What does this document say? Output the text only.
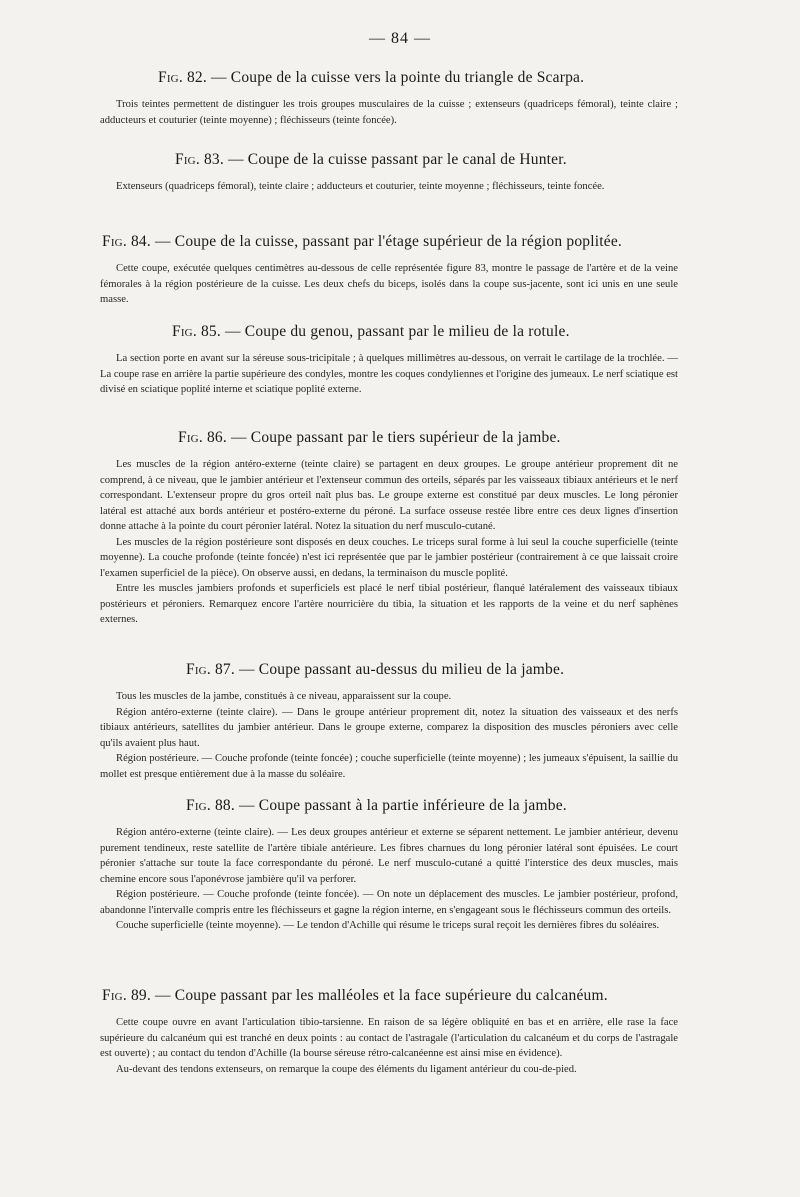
— 84 —
Fig. 82. — Coupe de la cuisse vers la pointe du triangle de Scarpa.

Trois teintes permettent de distinguer les trois groupes musculaires de la cuisse ; extenseurs (quadriceps fémoral), teinte claire ; adducteurs et couturier (teinte moyenne) ; fléchisseurs (teinte foncée).

Fig. 83. — Coupe de la cuisse passant par le canal de Hunter.

Extenseurs (quadriceps fémoral), teinte claire ; adducteurs et couturier, teinte moyenne ; fléchisseurs, teinte foncée.

Fig. 84. — Coupe de la cuisse, passant par l'étage supérieur de la région poplitée.

Cette coupe, exécutée quelques centimètres au-dessous de celle représentée figure 83, montre le passage de l'artère et de la veine fémorales à la région postérieure de la cuisse. Les deux chefs du biceps, isolés dans la coupe sus-jacente, sont ici unis en une seule masse.

Fig. 85. — Coupe du genou, passant par le milieu de la rotule.

La section porte en avant sur la séreuse sous-tricipitale ; à quelques millimètres au-dessous, on verrait le cartilage de la trochlée. — La coupe rase en arrière la partie supérieure des condyles, montre les coques condyliennes et l'origine des jumeaux. Le nerf sciatique est divisé en sciatique poplité interne et sciatique poplité externe.

Fig. 86. — Coupe passant par le tiers supérieur de la jambe.

Les muscles de la région antéro-externe (teinte claire) se partagent en deux groupes. Le groupe antérieur proprement dit ne comprend, à ce niveau, que le jambier antérieur et l'extenseur commun des orteils, séparés par les vaisseaux tibiaux antérieurs et le nerf correspondant. L'extenseur propre du gros orteil naît plus bas. Le groupe externe est constitué par deux muscles. Le long péronier latéral est attaché aux bords antérieur et postéro-externe du péroné. La surface osseuse restée libre entre ces deux lignes d'insertion donne attache à la pointe du court péronier latéral. Notez la situation du nerf musculo-cutané.

Les muscles de la région postérieure sont disposés en deux couches. Le triceps sural forme à lui seul la couche superficielle (teinte moyenne). La couche profonde (teinte foncée) n'est ici représentée que par le jambier postérieur (contrairement à ce que laissait croire l'examen superficiel de la pièce). On observe aussi, en dedans, la terminaison du muscle poplité.

Entre les muscles jambiers profonds et superficiels est placé le nerf tibial postérieur, flanqué latéralement des vaisseaux tibiaux postérieurs et péroniers. Remarquez encore l'artère nourricière du tibia, la situation et les rapports de la veine et du nerf saphènes externes.

Fig. 87. — Coupe passant au-dessus du milieu de la jambe.

Tous les muscles de la jambe, constitués à ce niveau, apparaissent sur la coupe.

Région antéro-externe (teinte claire). — Dans le groupe antérieur proprement dit, notez la situation des vaisseaux et des nerfs tibiaux antérieurs, satellites du jambier antérieur. Dans le groupe externe, comparez la disposition des muscles péroniers avec celle qu'ils avaient plus haut.

Région postérieure. — Couche profonde (teinte foncée) ; couche superficielle (teinte moyenne) ; les jumeaux s'épuisent, la saillie du mollet est presque entièrement due à la masse du soléaire.

Fig. 88. — Coupe passant à la partie inférieure de la jambe.

Région antéro-externe (teinte claire). — Les deux groupes antérieur et externe se séparent nettement. Le jambier antérieur, devenu purement tendineux, reste satellite de l'artère tibiale antérieure. Les fibres charnues du long péronier latéral sont épuisées. Le court péronier s'attache sur toute la face correspondante du péroné. Le nerf musculo-cutané a quitté l'interstice des deux muscles, mais chemine encore sous l'aponévrose jambière qu'il va perforer.

Région postérieure. — Couche profonde (teinte foncée). — On note un déplacement des muscles. Le jambier postérieur, profond, abandonne l'intervalle compris entre les fléchisseurs et gagne la région interne, en s'engageant sous le fléchisseurs commun des orteils.

Couche superficielle (teinte moyenne). — Le tendon d'Achille qui résume le triceps sural reçoit les dernières fibres du soléaires.

Fig. 89. — Coupe passant par les malléoles et la face supérieure du calcanéum.

Cette coupe ouvre en avant l'articulation tibio-tarsienne. En raison de sa légère obliquité en bas et en arrière, elle rase la face supérieure du calcanéum qui est tranché en deux points : au contact de l'astragale (l'articulation du calcanéum et du corps de l'astragale est ouverte) ; au contact du tendon d'Achille (la bourse séreuse rétro-calcanéenne est ainsi mise en évidence).

Au-devant des tendons extenseurs, on remarque la coupe des éléments du ligament antérieur du cou-de-pied.
